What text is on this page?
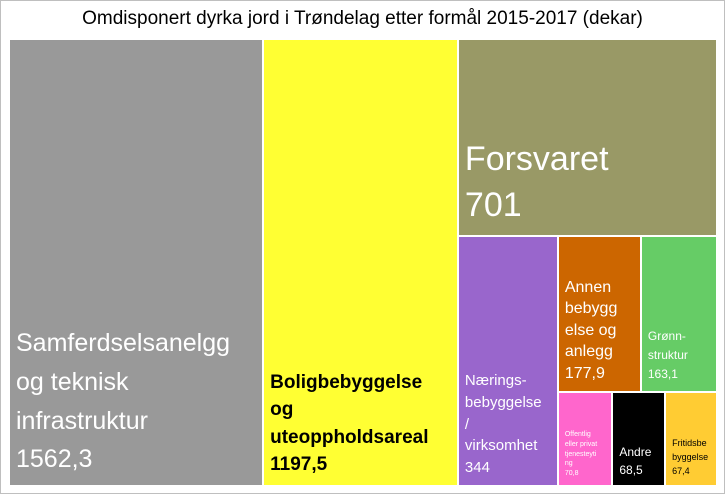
Omdisponert dyrka jord i Trøndelag etter formål 2015-2017 (dekar)
Samferdselsanelgg
og teknisk
infrastruktur
1562,3
Boligbebyggelse
og
uteoppholdsareal
1197,5
Forsvaret
701
Nærings-
bebyggelse
/
virksomhet
344
Annen
bebygg
else og
anlegg
177,9
Grønn-
struktur
163,1
Offentlig
eller privat
tjenesteyti
ng
70,8
Andre
68,5
Fritidsbe
byggelse
67,4
